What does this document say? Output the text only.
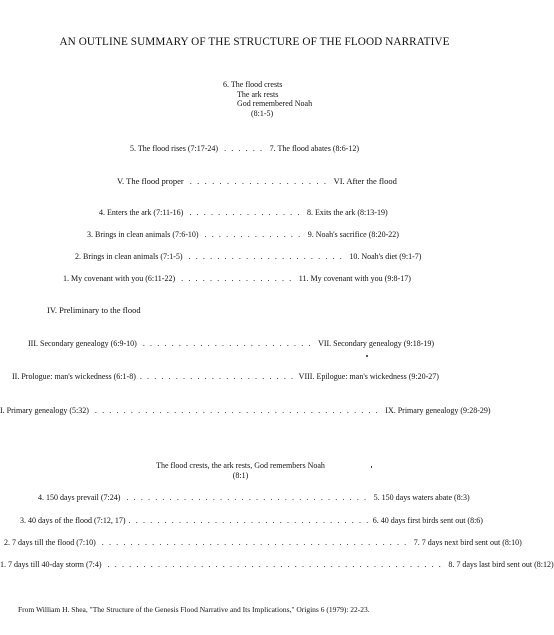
AN OUTLINE SUMMARY OF THE STRUCTURE OF THE FLOOD NARRATIVE
6. The flood crests
The ark rests
God remembered Noah
(8:1-5)
5. The flood rises (7:17-24) . . . . . . 7. The flood abates (8:6-12)
V. The flood proper . . . . . . . . . . . . . . . . . . . VI. After the flood
4. Enters the ark (7:11-16) . . . . . . . . . . . . . . . . 8. Exits the ark (8:13-19)
3. Brings in clean animals (7:6-10) . . . . . . . . . . . . . . 9. Noah's sacrifice (8:20-22)
2. Brings in clean animals (7:1-5) . . . . . . . . . . . . . . . . . . . . . . 10. Noah's diet (9:1-7)
1. My covenant with you (6:11-22) . . . . . . . . . . . . . . . . 11. My covenant with you (9:8-17)
IV. Preliminary to the flood
III. Secondary genealogy (6:9-10) . . . . . . . . . . . . . . . . . . . . . . . . VII. Secondary genealogy (9:18-19)
II. Prologue: man's wickedness (6:1-8) . . . . . . . . . . . . . . . . . . . . . . VIII. Epilogue: man's wickedness (9:20-27)
I. Primary genealogy (5:32) . . . . . . . . . . . . . . . . . . . . . . . . . . . . . . . . . . . . . . . . IX. Primary genealogy (9:28-29)
The flood crests, the ark rests, God remembers Noah
(8:1)
4. 150 days prevail (7:24) . . . . . . . . . . . . . . . . . . . . . . . . . . . . . . . . . . 5. 150 days waters abate (8:3)
3. 40 days of the flood (7:12, 17) . . . . . . . . . . . . . . . . . . . . . . . . . . . . . . . . . . 6. 40 days first birds sent out (8:6)
2. 7 days till the flood (7:10) . . . . . . . . . . . . . . . . . . . . . . . . . . . . . . . . . . . . . . . . . . . 7. 7 days next bird sent out (8:10)
1. 7 days till 40-day storm (7:4) . . . . . . . . . . . . . . . . . . . . . . . . . . . . . . . . . . . . . . . . . . . . . . . 8. 7 days last bird sent out (8:12)
From William H. Shea, "The Structure of the Genesis Flood Narrative and Its Implications," Origins 6 (1979): 22-23.
